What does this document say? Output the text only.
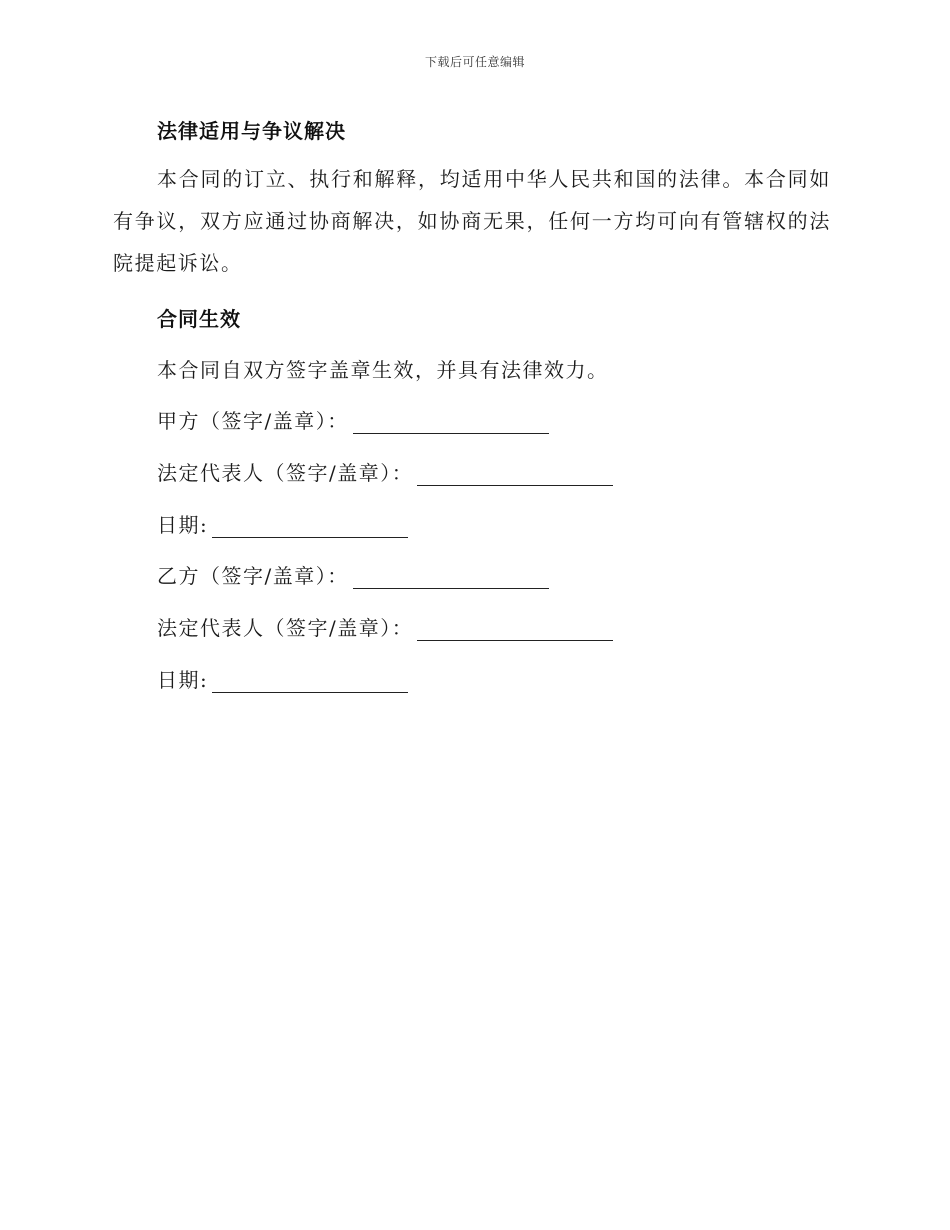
下载后可任意编辑
法律适用与争议解决
本合同的订立、执行和解释，均适用中华人民共和国的法律。本合同如有争议，双方应通过协商解决，如协商无果，任何一方均可向有管辖权的法院提起诉讼。
合同生效
本合同自双方签字盖章生效，并具有法律效力。
甲方（签字/盖章）：
法定代表人（签字/盖章）：
日期:
乙方（签字/盖章）：
法定代表人（签字/盖章）：
日期:
